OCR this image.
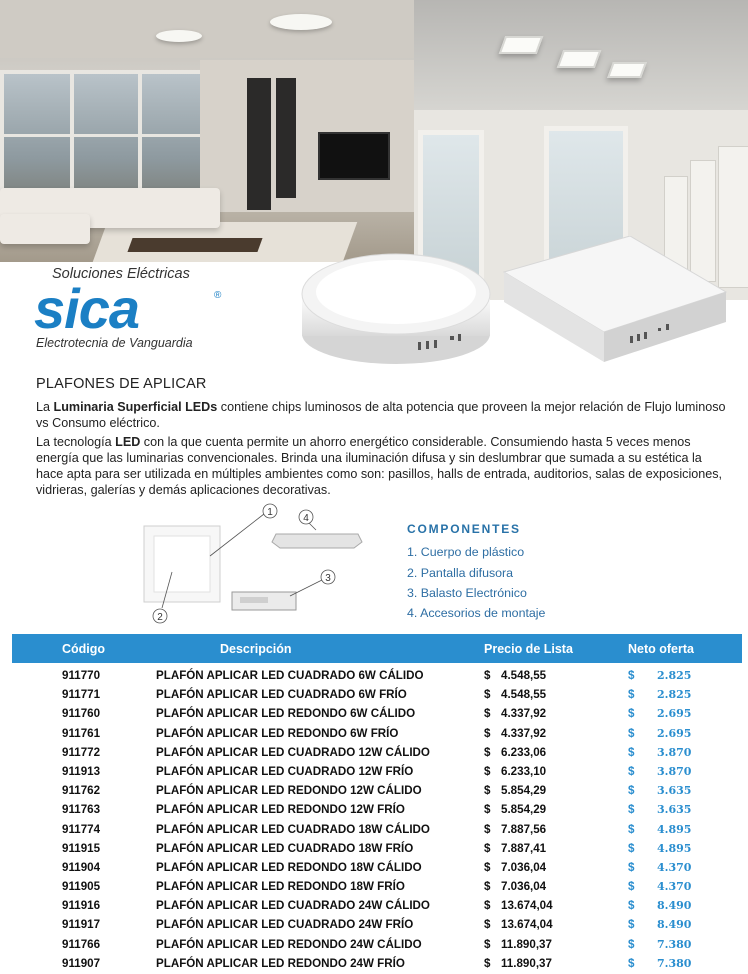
Soluciones Eléctricas
sica	®
Electrotecnia de Vanguardia
PLAFONES DE APLICAR
La Luminaria Superficial LEDs contiene chips luminosos de alta potencia que proveen la mejor relación de Flujo luminoso vs Consumo eléctrico.
La tecnología LED con la que cuenta permite un ahorro energético considerable. Consumiendo hasta 5 veces menos energía que las luminarias convencionales. Brinda una iluminación difusa y sin deslumbrar que sumada a su estética la hace apta para ser utilizada en múltiples ambientes como son: pasillos, halls de entrada, auditorios, salas de exposiciones, vidrieras, galerías y demás aplicaciones decorativas.
1
2
3
4
COMPONENTES
1. Cuerpo de plástico
2. Pantalla difusora
3. Balasto Electrónico
4. Accesorios de montaje
Código	Descripción	Precio de Lista	Neto oferta
911770	PLAFÓN APLICAR LED CUADRADO 6W CÁLIDO	$ 4.548,55	$ 2.825
911771	PLAFÓN APLICAR LED CUADRADO 6W FRÍO	$ 4.548,55	$ 2.825
911760	PLAFÓN APLICAR LED REDONDO 6W CÁLIDO	$ 4.337,92	$ 2.695
911761	PLAFÓN APLICAR LED REDONDO 6W FRÍO	$ 4.337,92	$ 2.695
911772	PLAFÓN APLICAR LED CUADRADO 12W CÁLIDO	$ 6.233,06	$ 3.870
911913	PLAFÓN APLICAR LED CUADRADO 12W FRÍO	$ 6.233,10	$ 3.870
911762	PLAFÓN APLICAR LED REDONDO 12W CÁLIDO	$ 5.854,29	$ 3.635
911763	PLAFÓN APLICAR LED REDONDO 12W FRÍO	$ 5.854,29	$ 3.635
911774	PLAFÓN APLICAR LED CUADRADO 18W CÁLIDO	$ 7.887,56	$ 4.895
911915	PLAFÓN APLICAR LED CUADRADO 18W FRÍO	$ 7.887,41	$ 4.895
911904	PLAFÓN APLICAR LED REDONDO 18W CÁLIDO	$ 7.036,04	$ 4.370
911905	PLAFÓN APLICAR LED REDONDO 18W FRÍO	$ 7.036,04	$ 4.370
911916	PLAFÓN APLICAR LED CUADRADO 24W CÁLIDO	$ 13.674,04	$ 8.490
911917	PLAFÓN APLICAR LED CUADRADO 24W FRÍO	$ 13.674,04	$ 8.490
911766	PLAFÓN APLICAR LED REDONDO 24W CÁLIDO	$ 11.890,37	$ 7.380
911907	PLAFÓN APLICAR LED REDONDO 24W FRÍO	$ 11.890,37	$ 7.380
